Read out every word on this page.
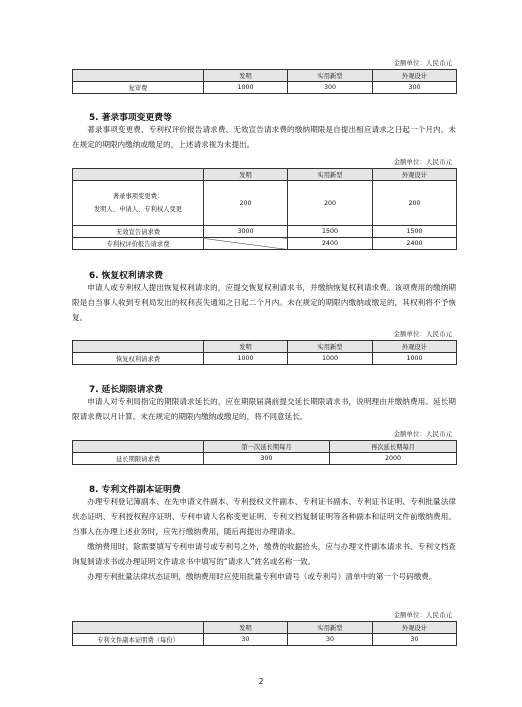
金额单位：人民币元
	发明	实用新型	外观设计
复审费	1000	300	300
5. 著录事项变更费等

著录事项变更费、专利权评价报告请求费、无效宣告请求费的缴纳期限是自提出相应请求之日起一个月内。未在规定的期限内缴纳或缴足的，上述请求视为未提出。

金额单位：人民币元
	发明	实用新型	外观设计

著录事项变更费：
发明人、申请人、专利权人变更	200	200	200
无效宣告请求费	3000	1500	1500
专利权评价报告请求费		2400	2400
6. 恢复权利请求费

申请人或专利权人提出恢复权利请求的，应提交恢复权利请求书，并缴纳恢复权利请求费。该项费用的缴纳期限是自当事人收到专利局发出的权利丧失通知之日起二个月内。未在规定的期限内缴纳或缴足的，其权利将不予恢复。

金额单位：人民币元
	发明	实用新型	外观设计
恢复权利请求费	1000	1000	1000
7. 延长期限请求费

申请人对专利局指定的期限请求延长的，应在期限届满前提交延长期限请求书，说明理由并缴纳费用。延长期限请求费以月计算。未在规定的期限内缴纳或缴足的，将不同意延长。

金额单位：人民币元
	第一次延长期每月	再次延长期每月
延长期限请求费	300	2000
8. 专利文件副本证明费

办理专利登记簿副本、在先申请文件副本、专利授权文件副本、专利证书副本、专利证书证明、专利批量法律状态证明、专利授权程序证明、专利申请人名称变更证明、专利文档复制证明等各种副本和证明文件前缴纳费用。当事人在办理上述业务时，应先行缴纳费用，随后再提出办理请求。

缴纳费用时，除需要填写专利申请号或专利号之外，缴费的收据抬头，应与办理文件副本请求书、专利文档查询复制请求书或办理证明文件请求书中填写的“请求人”姓名或名称一致。

办理专利批量法律状态证明，缴纳费用时应使用批量专利申请号（或专利号）清单中的第一个号码缴费。

金额单位：人民币元
	发明	实用新型	外观设计
专利文件副本证明费（每份）	30	30	30
2
